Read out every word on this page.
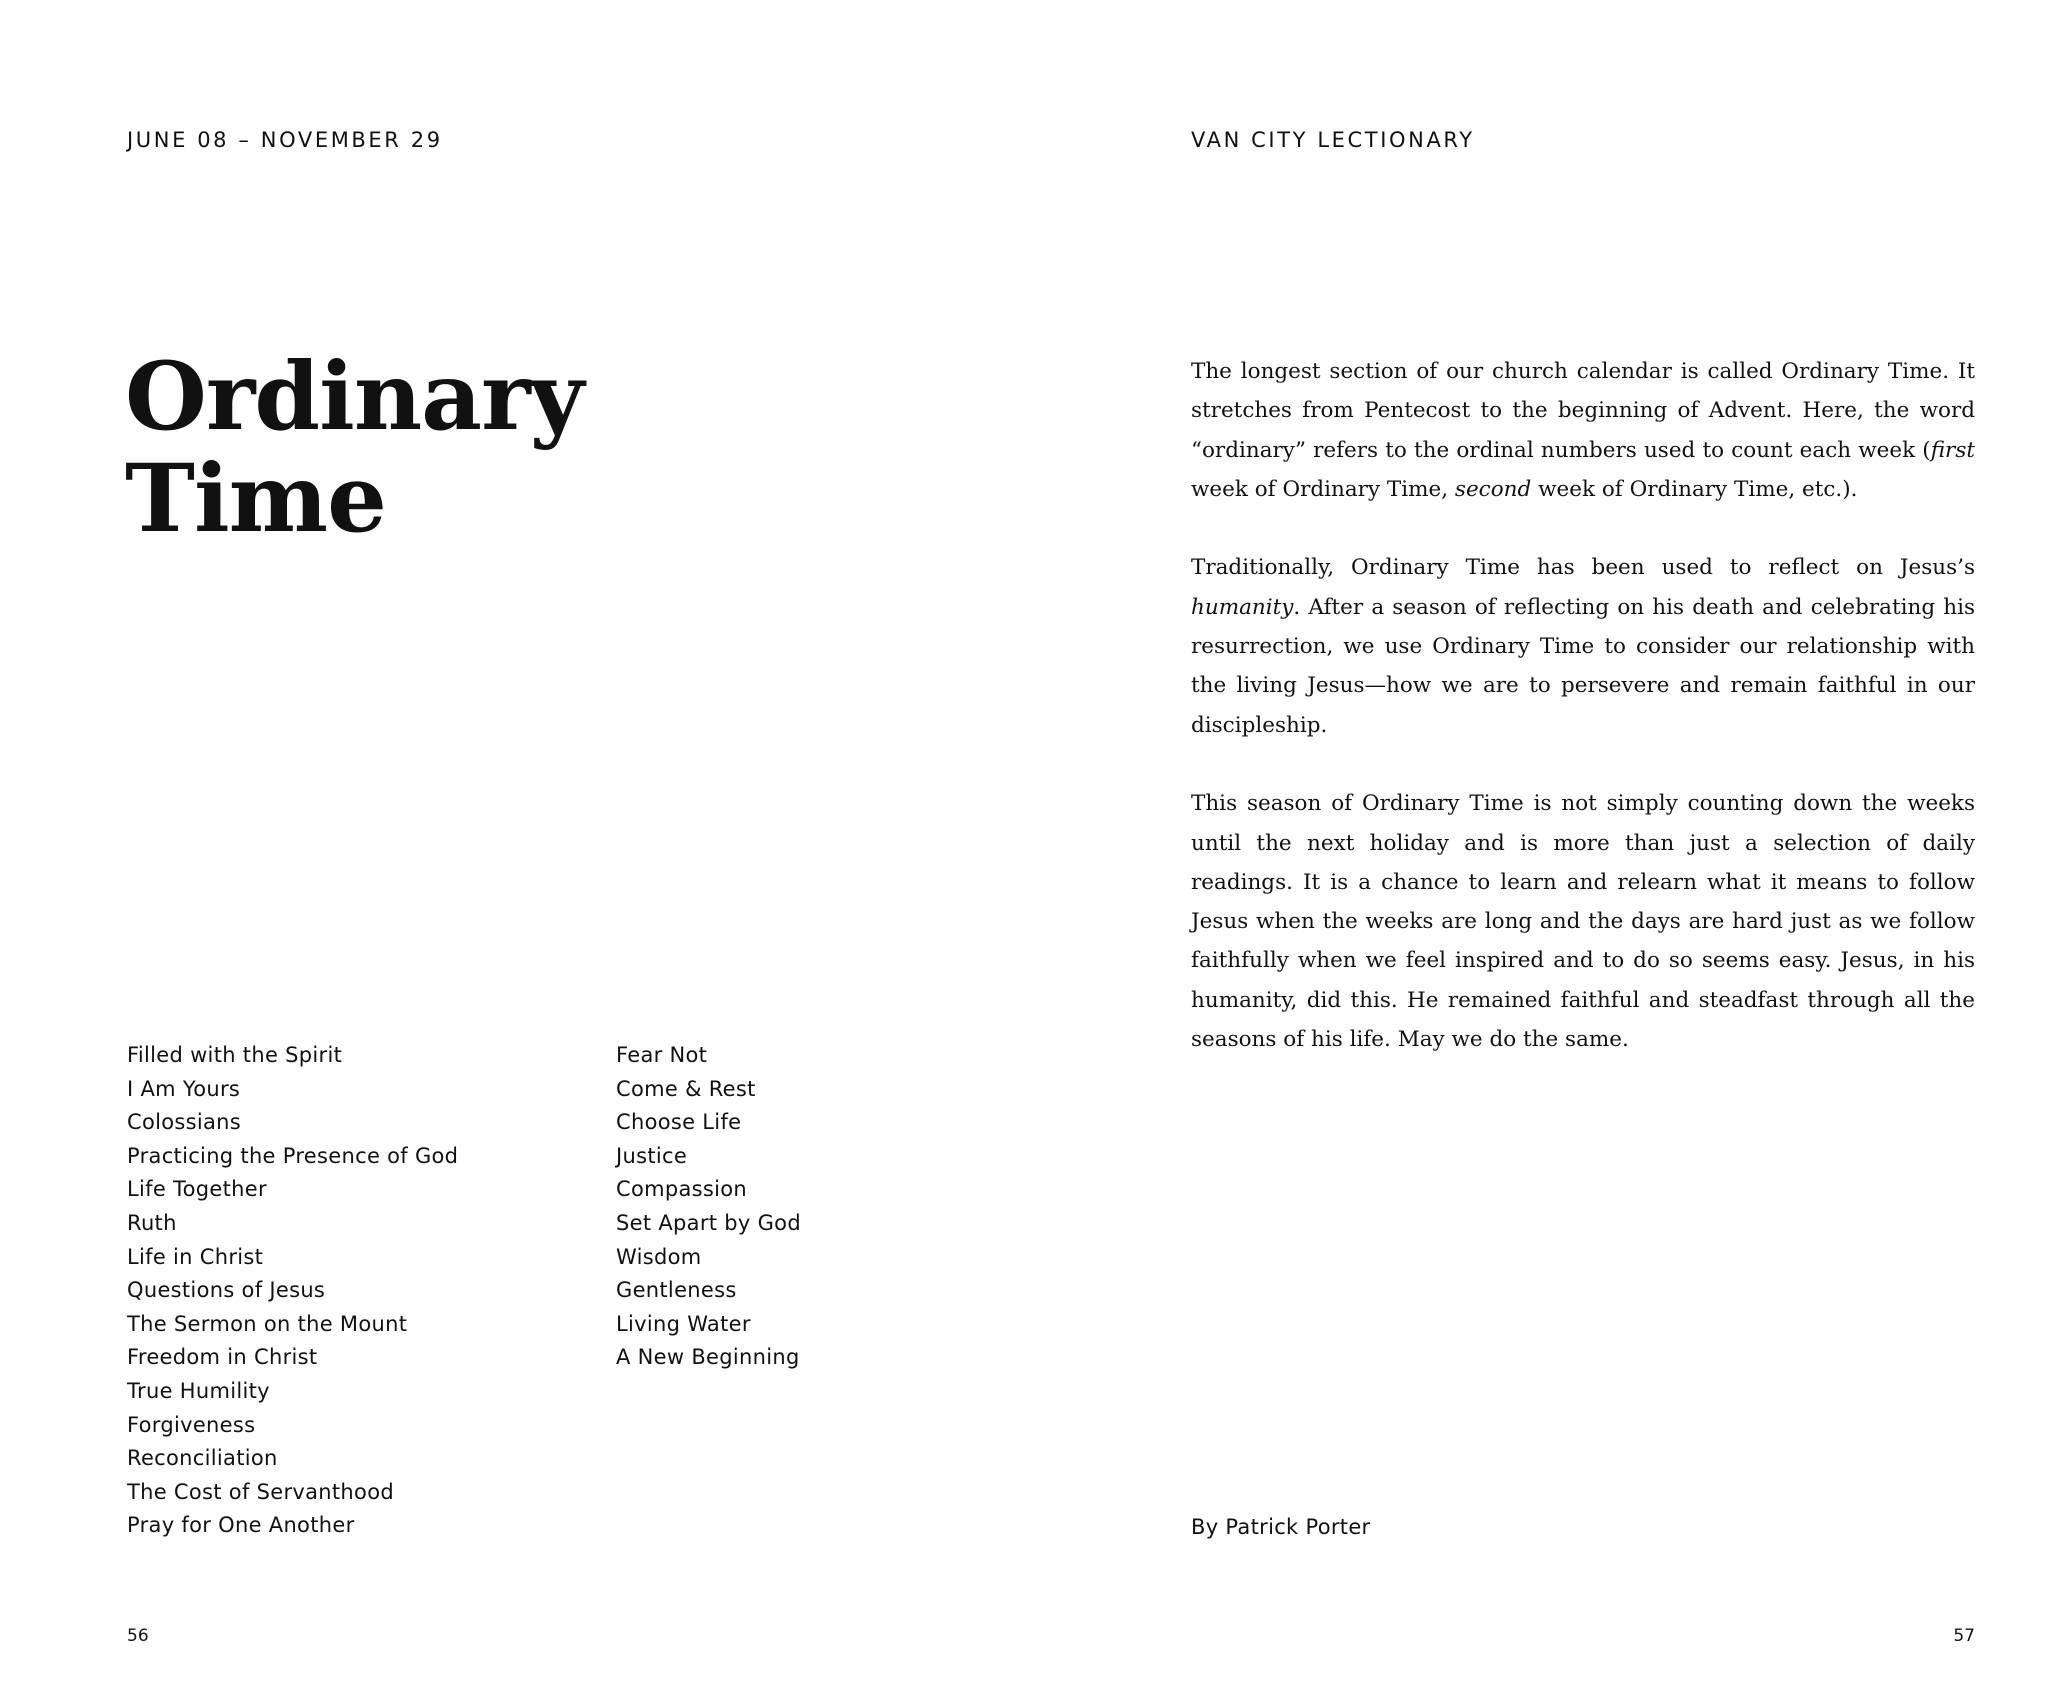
JUNE 08 – NOVEMBER 29
Ordinary
Time
Filled with the Spirit
I Am Yours
Colossians
Practicing the Presence of God
Life Together
Ruth
Life in Christ
Questions of Jesus
The Sermon on the Mount
Freedom in Christ
True Humility
Forgiveness
Reconciliation
The Cost of Servanthood
Pray for One Another
Fear Not
Come & Rest
Choose Life
Justice
Compassion
Set Apart by God
Wisdom
Gentleness
Living Water
A New Beginning
56
VAN CITY LECTIONARY

The longest section of our church calendar is called Ordinary Time. It stretches from Pentecost to the beginning of Advent. Here, the word “ordinary” refers to the ordinal numbers used to count each week (first week of Ordinary Time, second week of Ordinary Time, etc.).

Traditionally, Ordinary Time has been used to reflect on Jesus’s humanity. After a season of reflecting on his death and celebrating his resurrection, we use Ordinary Time to consider our relationship with the living Jesus—how we are to persevere and remain faithful in our discipleship.

This season of Ordinary Time is not simply counting down the weeks until the next holiday and is more than just a selection of daily readings. It is a chance to learn and relearn what it means to follow Jesus when the weeks are long and the days are hard just as we follow faithfully when we feel inspired and to do so seems easy. Jesus, in his humanity, did this. He remained faithful and steadfast through all the seasons of his life. May we do the same.

By Patrick Porter
57
